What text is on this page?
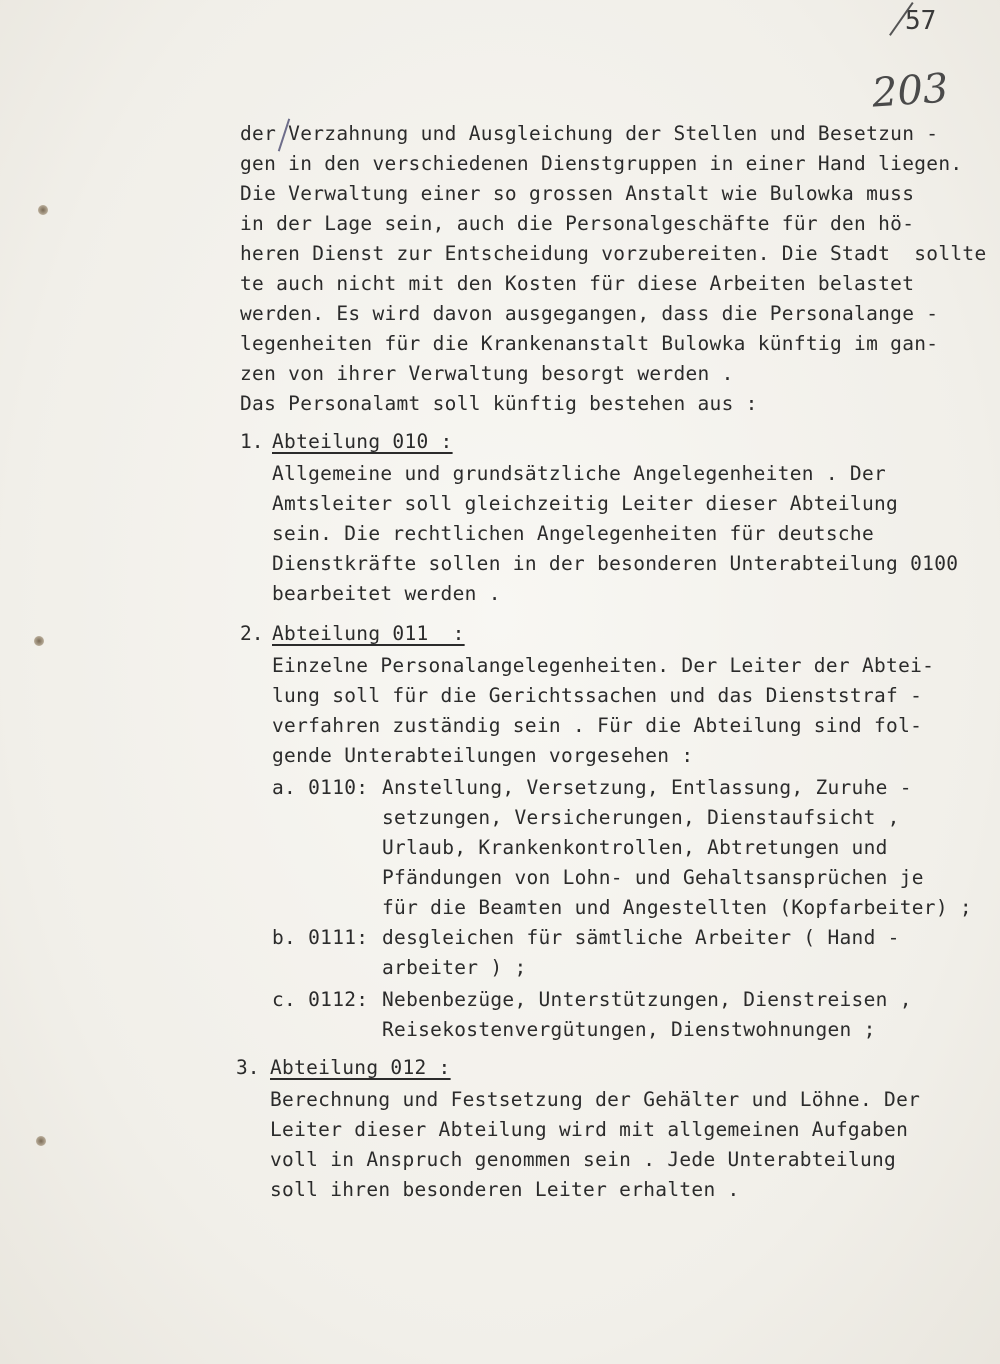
57
203
der Verzahnung und Ausgleichung der Stellen und Besetzun -
gen in den verschiedenen Dienstgruppen in einer Hand liegen.
Die Verwaltung einer so grossen Anstalt wie Bulowka muss
in der Lage sein, auch die Personalgeschäfte für den hö-
heren Dienst zur Entscheidung vorzubereiten. Die Stadt  sollte
te auch nicht mit den Kosten für diese Arbeiten belastet
werden. Es wird davon ausgegangen, dass die Personalange -
legenheiten für die Krankenanstalt Bulowka künftig im gan-
zen von ihrer Verwaltung besorgt werden .
Das Personalamt soll künftig bestehen aus :
1. Abteilung 010 :
Allgemeine und grundsätzliche Angelegenheiten . Der
Amtsleiter soll gleichzeitig Leiter dieser Abteilung
sein. Die rechtlichen Angelegenheiten für deutsche
Dienstkräfte sollen in der besonderen Unterabteilung 0100
bearbeitet werden .
2. Abteilung 011  :
Einzelne Personalangelegenheiten. Der Leiter der Abtei-
lung soll für die Gerichtssachen und das Dienststraf -
verfahren zuständig sein . Für die Abteilung sind fol-
gende Unterabteilungen vorgesehen :
a. 0110: Anstellung, Versetzung, Entlassung, Zuruhe -
setzungen, Versicherungen, Dienstaufsicht ,
Urlaub, Krankenkontrollen, Abtretungen und
Pfändungen von Lohn- und Gehaltsansprüchen je
für die Beamten und Angestellten (Kopfarbeiter) ;
b. 0111: desgleichen für sämtliche Arbeiter ( Hand -
arbeiter ) ;
c. 0112: Nebenbezüge, Unterstützungen, Dienstreisen ,
Reisekostenvergütungen, Dienstwohnungen ;
3. Abteilung 012 :
Berechnung und Festsetzung der Gehälter und Löhne. Der
Leiter dieser Abteilung wird mit allgemeinen Aufgaben
voll in Anspruch genommen sein . Jede Unterabteilung
soll ihren besonderen Leiter erhalten .
